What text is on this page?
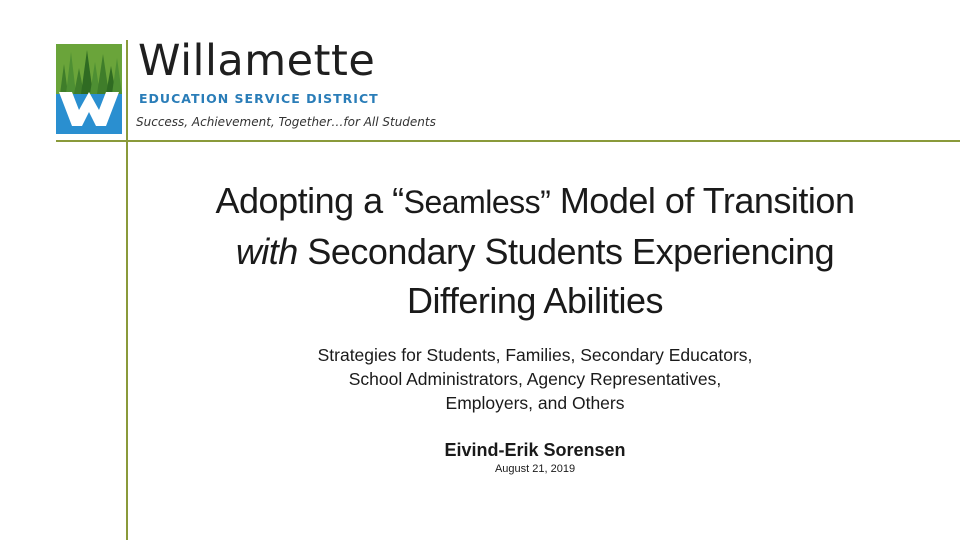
Willamette
EDUCATION SERVICE DISTRICT
Success, Achievement, Together…for All Students
Adopting a “Seamless” Model of Transition
with Secondary Students Experiencing
Differing Abilities
Strategies for Students, Families, Secondary Educators,
School Administrators, Agency Representatives,
Employers, and Others
Eivind-Erik Sorensen
August 21, 2019
